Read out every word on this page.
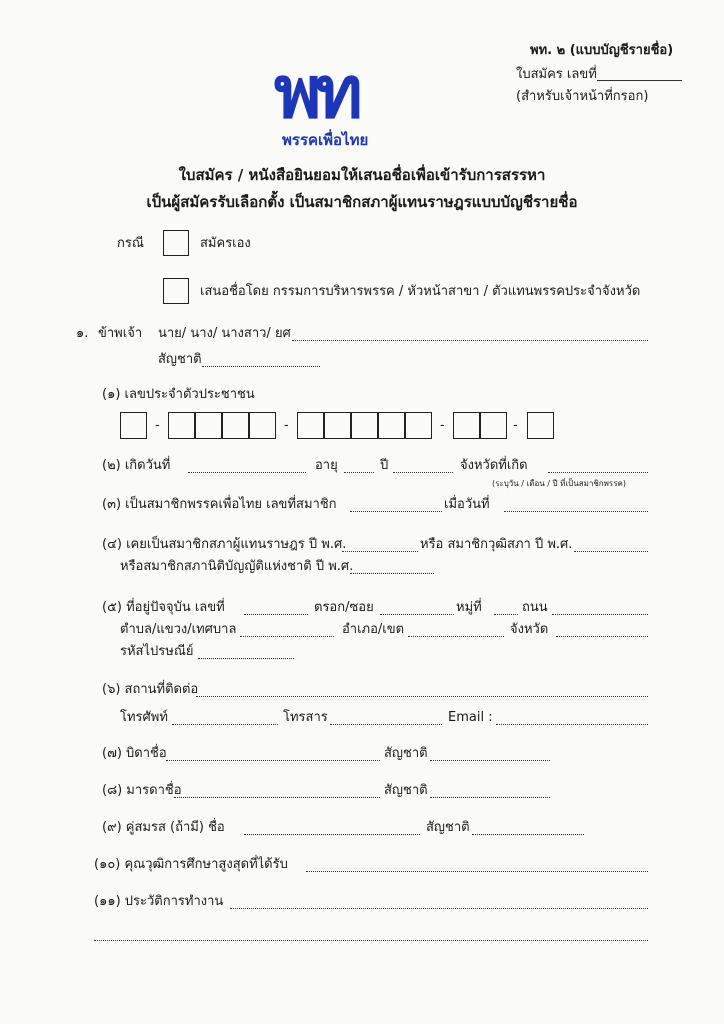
พท. ๒ (แบบบัญชีรายชื่อ)
ใบสมัคร เลขที่
(สำหรับเจ้าหน้าที่กรอก)
พท
พรรคเพื่อไทย
ใบสมัคร / หนังสือยินยอมให้เสนอชื่อเพื่อเข้ารับการสรรหา
เป็นผู้สมัครรับเลือกตั้ง เป็นสมาชิกสภาผู้แทนราษฎรแบบบัญชีรายชื่อ
กรณี	สมัครเอง
เสนอชื่อโดย กรรมการบริหารพรรค / หัวหน้าสาขา / ตัวแทนพรรคประจำจังหวัด
๑. ข้าพเจ้า นาย/ นาง/ นางสาว/ ยศ
สัญชาติ
(๑) เลขประจำตัวประชาชน
-	-	-	-
(๒) เกิดวันที่	อายุ	ปี	จังหวัดที่เกิด
(ระบุวัน / เดือน / ปี ที่เป็นสมาชิกพรรค)
(๓) เป็นสมาชิกพรรคเพื่อไทย เลขที่สมาชิก	เมื่อวันที่
(๔) เคยเป็นสมาชิกสภาผู้แทนราษฎร ปี พ.ศ.	หรือ สมาชิกวุฒิสภา ปี พ.ศ.
หรือสมาชิกสภานิติบัญญัติแห่งชาติ ปี พ.ศ.
(๕) ที่อยู่ปัจจุบัน เลขที่	ตรอก/ซอย	หมู่ที่	ถนน
ตำบล/แขวง/เทศบาล	อำเภอ/เขต	จังหวัด
รหัสไปรษณีย์
(๖) สถานที่ติดต่อ
โทรศัพท์	โทรสาร	Email :
(๗) บิดาชื่อ	สัญชาติ
(๘) มารดาชื่อ	สัญชาติ
(๙) คู่สมรส (ถ้ามี) ชื่อ	สัญชาติ
(๑๐) คุณวุฒิการศึกษาสูงสุดที่ได้รับ
(๑๑) ประวัติการทำงาน
